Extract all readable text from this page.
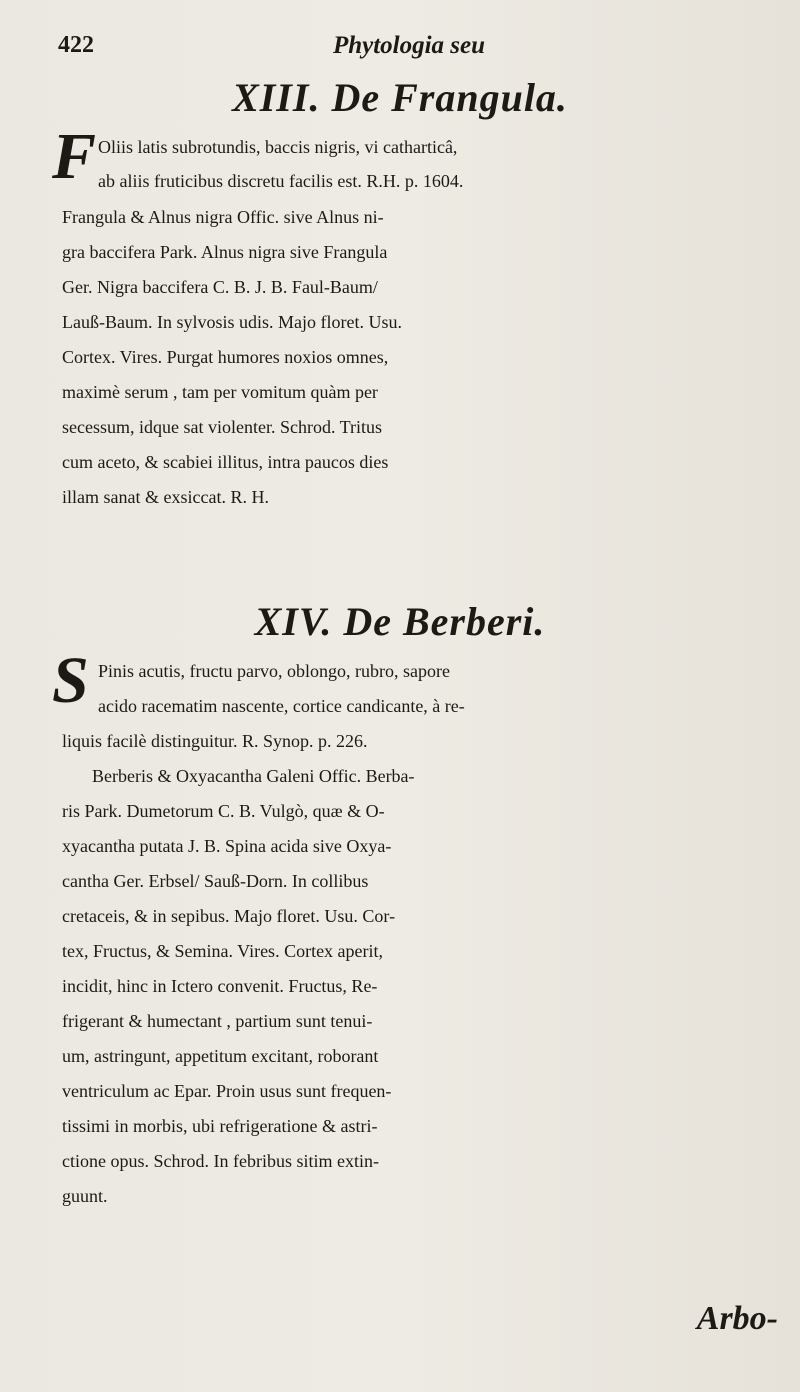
422	Phytologia seu
XIII. De Frangula.
F Oliis latis subrotundis, baccis nigris, vi catharticâ,
ab aliis fruticibus discretu facilis est. R.H. p. 1604.
Frangula & Alnus nigra Offic. sive Alnus ni-
gra baccifera Park. Alnus nigra sive Frangula
Ger. Nigra baccifera C. B. J. B. Faul-Baum/
Lauß-Baum. In sylvosis udis. Majo floret. Usu.
Cortex. Vires. Purgat humores noxios omnes,
maximè serum , tam per vomitum quàm per
secessum, idque sat violenter. Schrod. Tritus
cum aceto, & scabiei illitus, intra paucos dies
illam sanat & exsiccat. R. H.
XIV. De Berberi.
S Pinis acutis, fructu parvo, oblongo, rubro, sapore
acido racematim nascente, cortice candicante, à re-
liquis facilè distinguitur. R. Synop. p. 226.
Berberis & Oxyacantha Galeni Offic. Berba-
ris Park. Dumetorum C. B. Vulgò, quæ & O-
xyacantha putata J. B. Spina acida sive Oxya-
cantha Ger. Erbsel/ Sauß-Dorn. In collibus
cretaceis, & in sepibus. Majo floret. Usu. Cor-
tex, Fructus, & Semina. Vires. Cortex aperit,
incidit, hinc in Ictero convenit. Fructus, Re-
frigerant & humectant , partium sunt tenui-
um, astringunt, appetitum excitant, roborant
ventriculum ac Epar. Proin usus sunt frequen-
tissimi in morbis, ubi refrigeratione & astri-
ctione opus. Schrod. In febribus sitim extin-
guunt.
Arbo-
